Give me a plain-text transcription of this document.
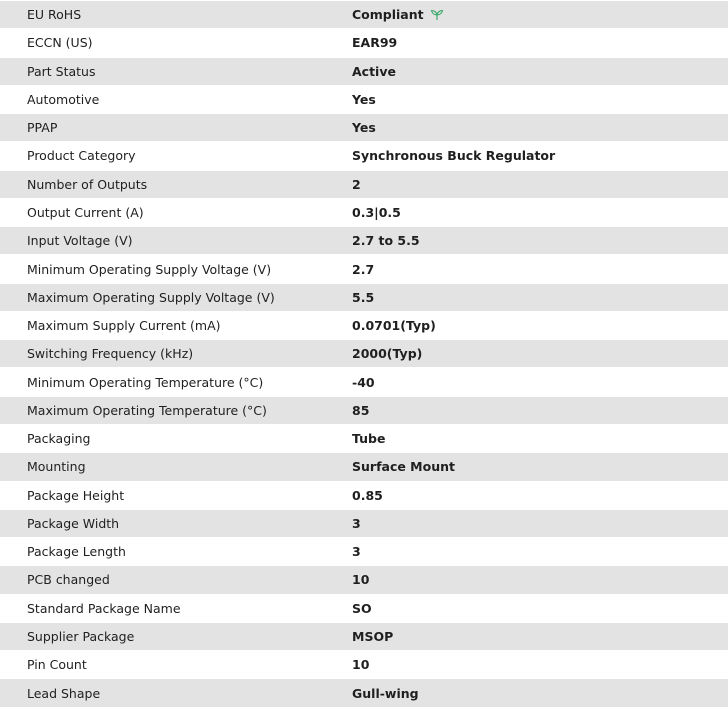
EU RoHS	Compliant
ECCN (US)	EAR99
Part Status	Active
Automotive	Yes
PPAP	Yes
Product Category	Synchronous Buck Regulator
Number of Outputs	2
Output Current (A)	0.3|0.5
Input Voltage (V)	2.7 to 5.5
Minimum Operating Supply Voltage (V)	2.7
Maximum Operating Supply Voltage (V)	5.5
Maximum Supply Current (mA)	0.0701(Typ)
Switching Frequency (kHz)	2000(Typ)
Minimum Operating Temperature (°C)	-40
Maximum Operating Temperature (°C)	85
Packaging	Tube
Mounting	Surface Mount
Package Height	0.85
Package Width	3
Package Length	3
PCB changed	10
Standard Package Name	SO
Supplier Package	MSOP
Pin Count	10
Lead Shape	Gull-wing
